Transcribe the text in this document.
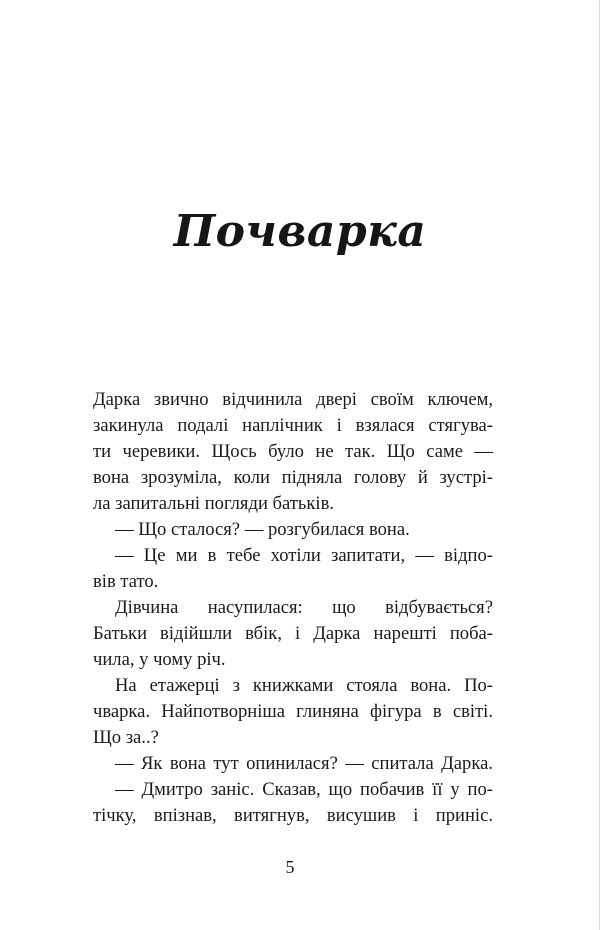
Почварка
Дарка звично відчинила двері своїм ключем,
закинула подалі наплічник і взялася стягува-
ти черевики. Щось було не так. Що саме —
вона зрозуміла, коли підняла голову й зустрі-
ла запитальні погляди батьків.
— Що сталося? — розгубилася вона.
— Це ми в тебе хотіли запитати, — відпо-
вів тато.
Дівчина насупилася: що відбувається?
Батьки відійшли вбік, і Дарка нарешті поба-
чила, у чому річ.
На етажерці з книжками стояла вона. По-
чварка. Найпотворніша глиняна фігура в світі.
Що за..?
— Як вона тут опинилася? — спитала Дарка.
— Дмитро заніс. Сказав, що побачив її у по-
тічку, впізнав, витягнув, висушив і приніс.
5
